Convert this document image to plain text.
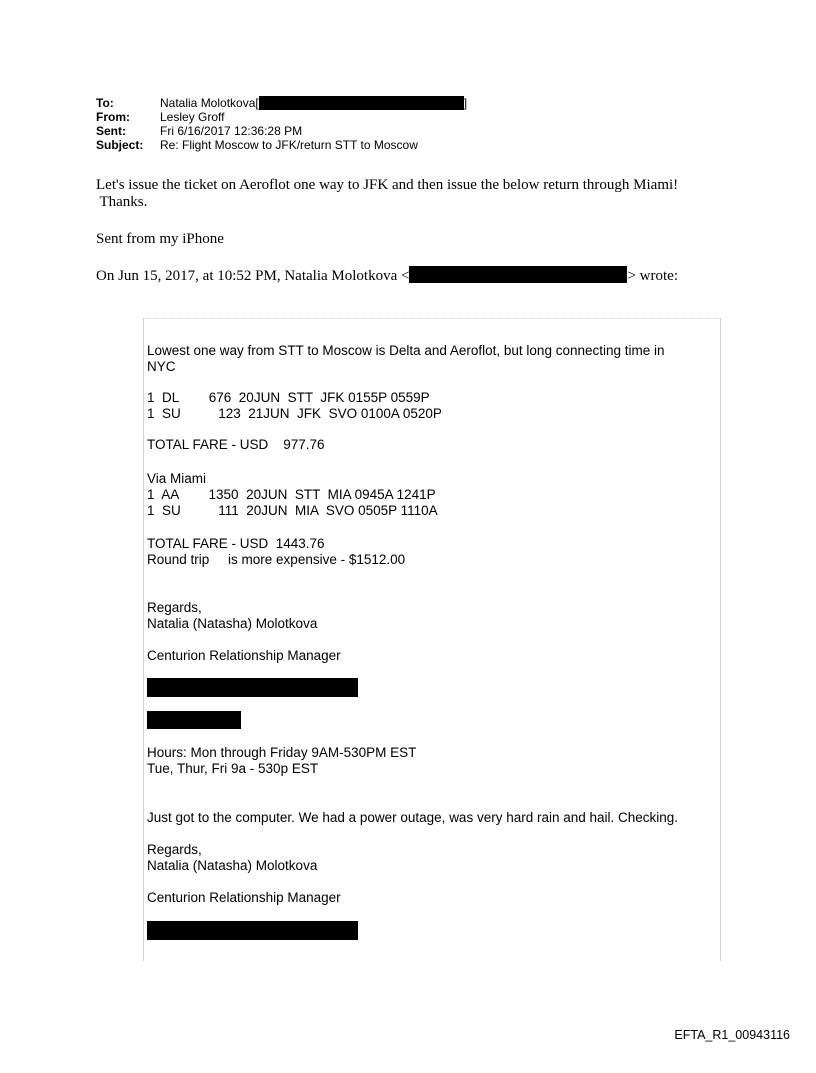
To:	Natalia Molotkova[	]
From:	Lesley Groff
Sent:	Fri 6/16/2017 12:36:28 PM
Subject:	Re: Flight Moscow to JFK/return STT to Moscow
Let's issue the ticket on Aeroflot one way to JFK and then issue the below return through Miami!
Thanks.
Sent from my iPhone
On Jun 15, 2017, at 10:52 PM, Natalia Molotkova <	> wrote:
Lowest one way from STT to Moscow is Delta and Aeroflot, but long connecting time in
NYC
1  DL        676  20JUN  STT  JFK 0155P 0559P
1  SU          123  21JUN  JFK  SVO 0100A 0520P
TOTAL FARE - USD    977.76
Via Miami
1  AA        1350  20JUN  STT  MIA 0945A 1241P
1  SU          111  20JUN  MIA  SVO 0505P 1110A
TOTAL FARE - USD  1443.76
Round trip     is more expensive - $1512.00
Regards,
Natalia (Natasha) Molotkova
Centurion Relationship Manager
Hours: Mon through Friday 9AM-530PM EST
Tue, Thur, Fri 9a - 530p EST
Just got to the computer. We had a power outage, was very hard rain and hail. Checking.
Regards,
Natalia (Natasha) Molotkova
Centurion Relationship Manager
EFTA_R1_00943116
